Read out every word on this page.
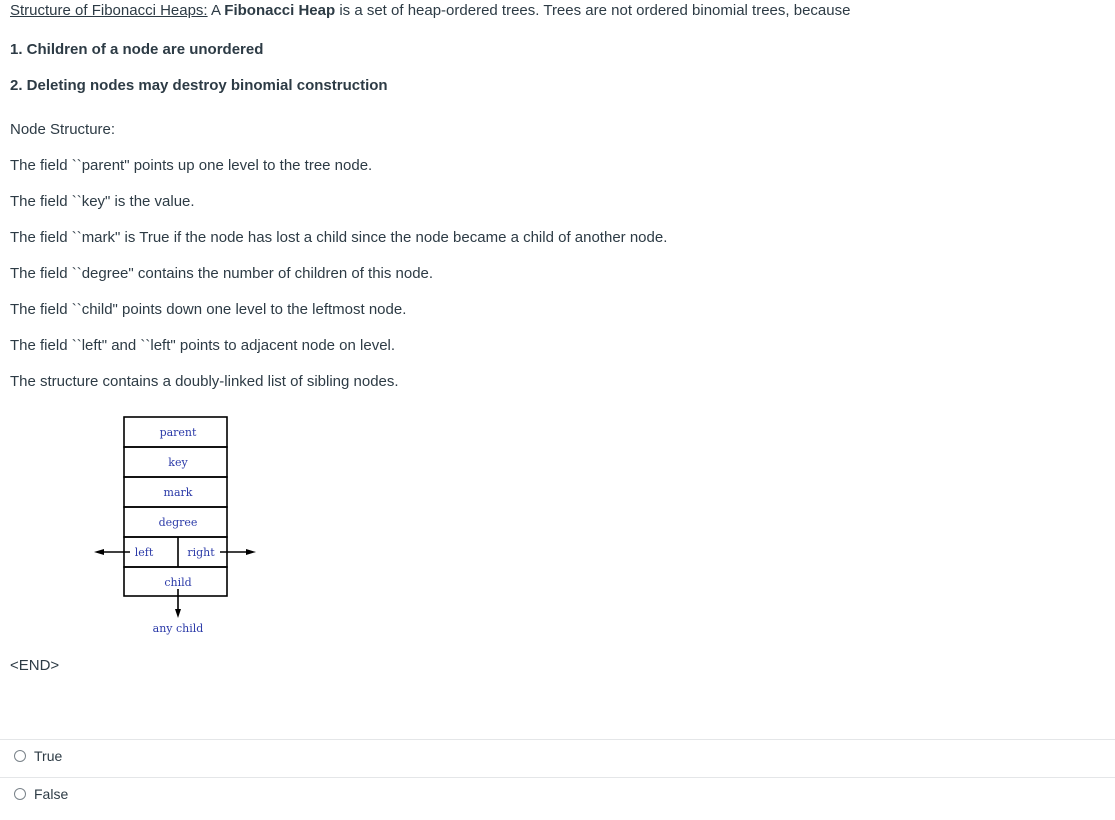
Structure of Fibonacci Heaps: A Fibonacci Heap is a set of heap-ordered trees. Trees are not ordered binomial trees, because
1. Children of a node are unordered
2. Deleting nodes may destroy binomial construction
Node Structure:
The field ``parent" points up one level to the tree node.
The field ``key" is the value.
The field ``mark" is True if the node has lost a child since the node became a child of another node.
The field ``degree" contains the number of children of this node.
The field ``child" points down one level to the leftmost node.
The field ``left" and ``left" points to adjacent node on level.
The structure contains a doubly-linked list of sibling nodes.
parent
key
mark
degree
left	right
child
any child
<END>
True
False
